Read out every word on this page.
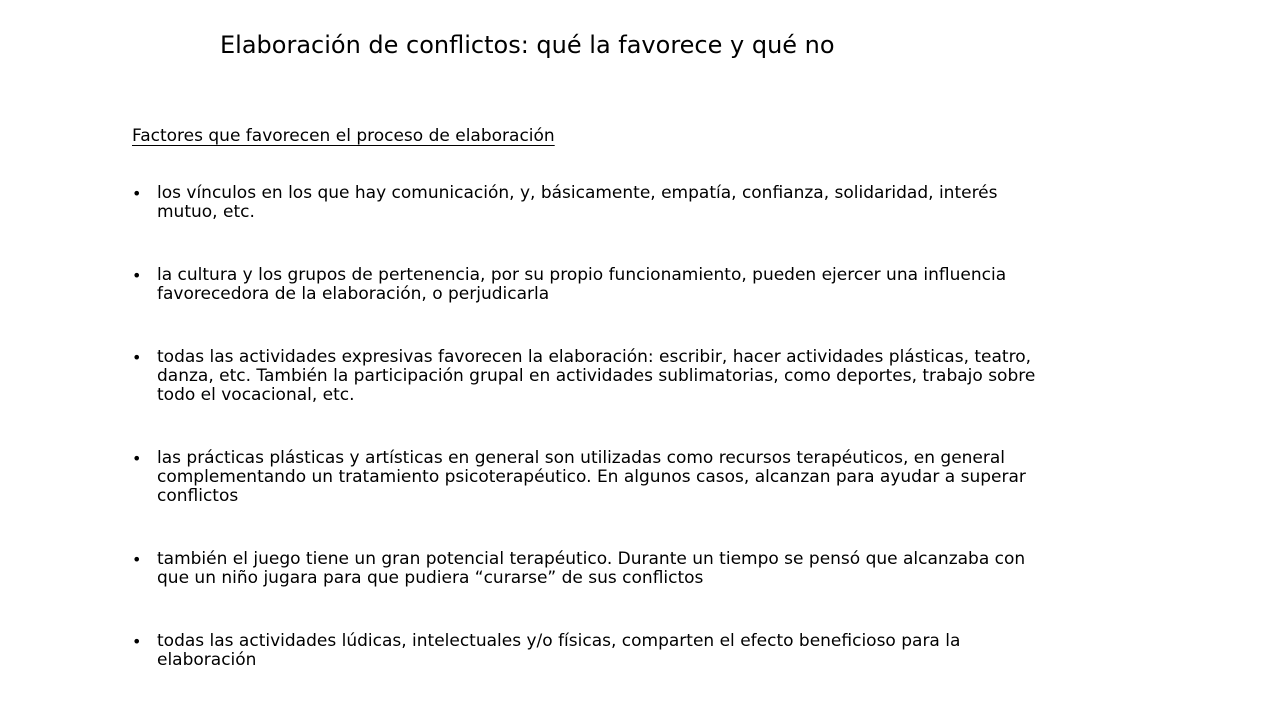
Elaboración de conflictos: qué la favorece y qué no
Factores que favorecen el proceso de elaboración
• los vínculos en los que hay comunicación, y, básicamente, empatía, confianza, solidaridad, interés mutuo, etc.
• la cultura y los grupos de pertenencia, por su propio funcionamiento, pueden ejercer una influencia favorecedora de la elaboración, o perjudicarla
• todas las actividades expresivas favorecen la elaboración: escribir, hacer actividades plásticas, teatro, danza, etc. También la participación grupal en actividades sublimatorias, como deportes, trabajo sobre todo el vocacional, etc.
• las prácticas plásticas y artísticas en general son utilizadas como recursos terapéuticos, en general complementando un tratamiento psicoterapéutico. En algunos casos, alcanzan para ayudar a superar conflictos
• también el juego tiene un gran potencial terapéutico. Durante un tiempo se pensó que alcanzaba con que un niño jugara para que pudiera “curarse” de sus conflictos
• todas las actividades lúdicas, intelectuales y/o físicas, comparten el efecto beneficioso para la elaboración
